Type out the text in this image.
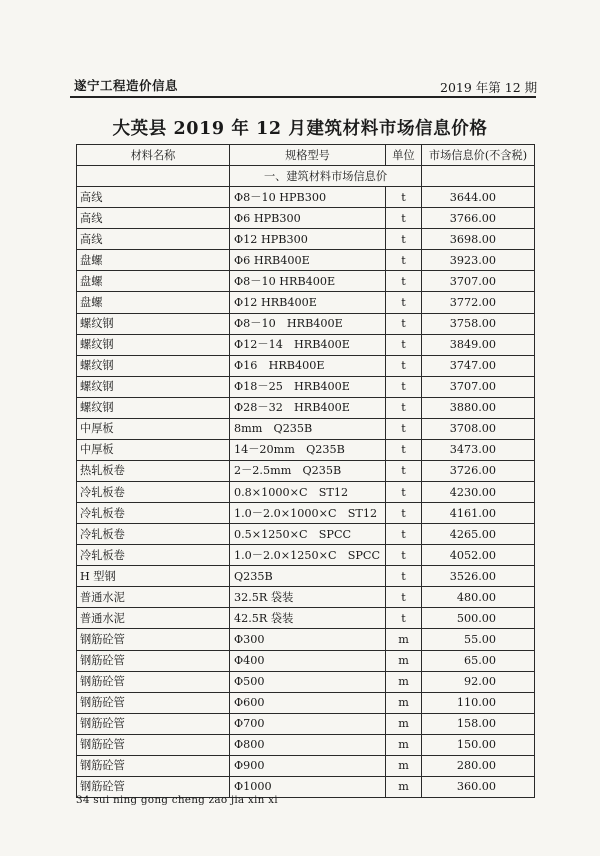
遂宁工程造价信息	2019 年第 12 期
大英县 2019 年 12 月建筑材料市场信息价格
材料名称	规格型号	单位	市场信息价(不含税)
	一、建筑材料市场信息价		
高线	Φ8－10 HPB300	t	3644.00
高线	Φ6 HPB300	t	3766.00
高线	Φ12 HPB300	t	3698.00
盘螺	Φ6 HRB400E	t	3923.00
盘螺	Φ8－10 HRB400E	t	3707.00
盘螺	Φ12 HRB400E	t	3772.00
螺纹钢	Φ8－10　HRB400E	t	3758.00
螺纹钢	Φ12－14　HRB400E	t	3849.00
螺纹钢	Φ16　HRB400E	t	3747.00
螺纹钢	Φ18－25　HRB400E	t	3707.00
螺纹钢	Φ28－32　HRB400E	t	3880.00
中厚板	8mm　Q235B	t	3708.00
中厚板	14－20mm　Q235B	t	3473.00
热轧板卷	2－2.5mm　Q235B	t	3726.00
冷轧板卷	0.8×1000×C　ST12	t	4230.00
冷轧板卷	1.0－2.0×1000×C　ST12	t	4161.00
冷轧板卷	0.5×1250×C　SPCC	t	4265.00
冷轧板卷	1.0－2.0×1250×C　SPCC	t	4052.00
H 型钢	Q235B	t	3526.00
普通水泥	32.5R 袋装	t	480.00
普通水泥	42.5R 袋装	t	500.00
钢筋砼管	Φ300	m	55.00
钢筋砼管	Φ400	m	65.00
钢筋砼管	Φ500	m	92.00
钢筋砼管	Φ600	m	110.00
钢筋砼管	Φ700	m	158.00
钢筋砼管	Φ800	m	150.00
钢筋砼管	Φ900	m	280.00
钢筋砼管	Φ1000	m	360.00
34 sui ning gong cheng zao jia xin xi
